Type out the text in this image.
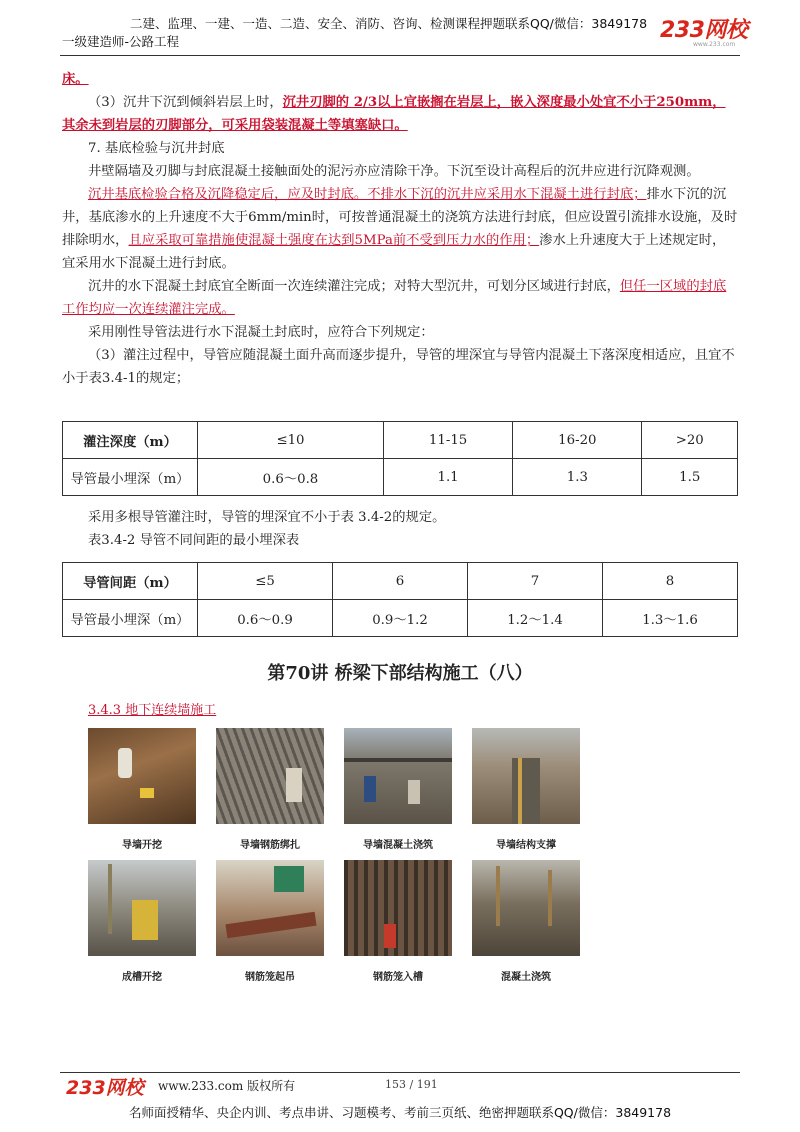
二建、监理、一建、一造、二造、安全、消防、咨询、检测课程押题联系QQ/微信：3849178
一级建造师-公路工程	233网校
www.233.com

床。

（3）沉井下沉到倾斜岩层上时，沉井刃脚的 2/3以上宜嵌搁在岩层上，嵌入深度最小处宜不小于250mm，其余未到岩层的刃脚部分，可采用袋装混凝土等填塞缺口。

7. 基底检验与沉井封底

井壁隔墙及刃脚与封底混凝土接触面处的泥污亦应清除干净。下沉至设计高程后的沉井应进行沉降观测。

沉井基底检验合格及沉降稳定后，应及时封底。不排水下沉的沉井应采用水下混凝土进行封底；排水下沉的沉井，基底渗水的上升速度不大于6mm/min时，可按普通混凝土的浇筑方法进行封底，但应设置引流排水设施，及时排除明水，且应采取可靠措施使混凝土强度在达到5MPa前不受到压力水的作用；渗水上升速度大于上述规定时，宜采用水下混凝土进行封底。

沉井的水下混凝土封底宜全断面一次连续灌注完成；对特大型沉井，可划分区域进行封底，但任一区域的封底工作均应一次连续灌注完成。

采用刚性导管法进行水下混凝土封底时，应符合下列规定：

（3）灌注过程中，导管应随混凝土面升高而逐步提升，导管的埋深宜与导管内混凝土下落深度相适应，且宜不小于表3.4-1的规定；

灌注深度（m）	≤10	11-15	16-20	>20
导管最小埋深（m）	0.6～0.8	1.1	1.3	1.5

采用多根导管灌注时，导管的埋深宜不小于表 3.4-2的规定。

表3.4-2 导管不同间距的最小埋深表

导管间距（m）	≤5	6	7	8
导管最小埋深（m）	0.6～0.9	0.9～1.2	1.2～1.4	1.3～1.6
第70讲 桥梁下部结构施工（八）
3.4.3 地下连续墙施工
导墙开挖	导墙钢筋绑扎	导墙混凝土浇筑	导墙结构支撑
成槽开挖	钢筋笼起吊	钢筋笼入槽	混凝土浇筑
233网校 www.233.com 版权所有	153 / 191
名师面授精华、央企内训、考点串讲、习题模考、考前三页纸、绝密押题联系QQ/微信：3849178
